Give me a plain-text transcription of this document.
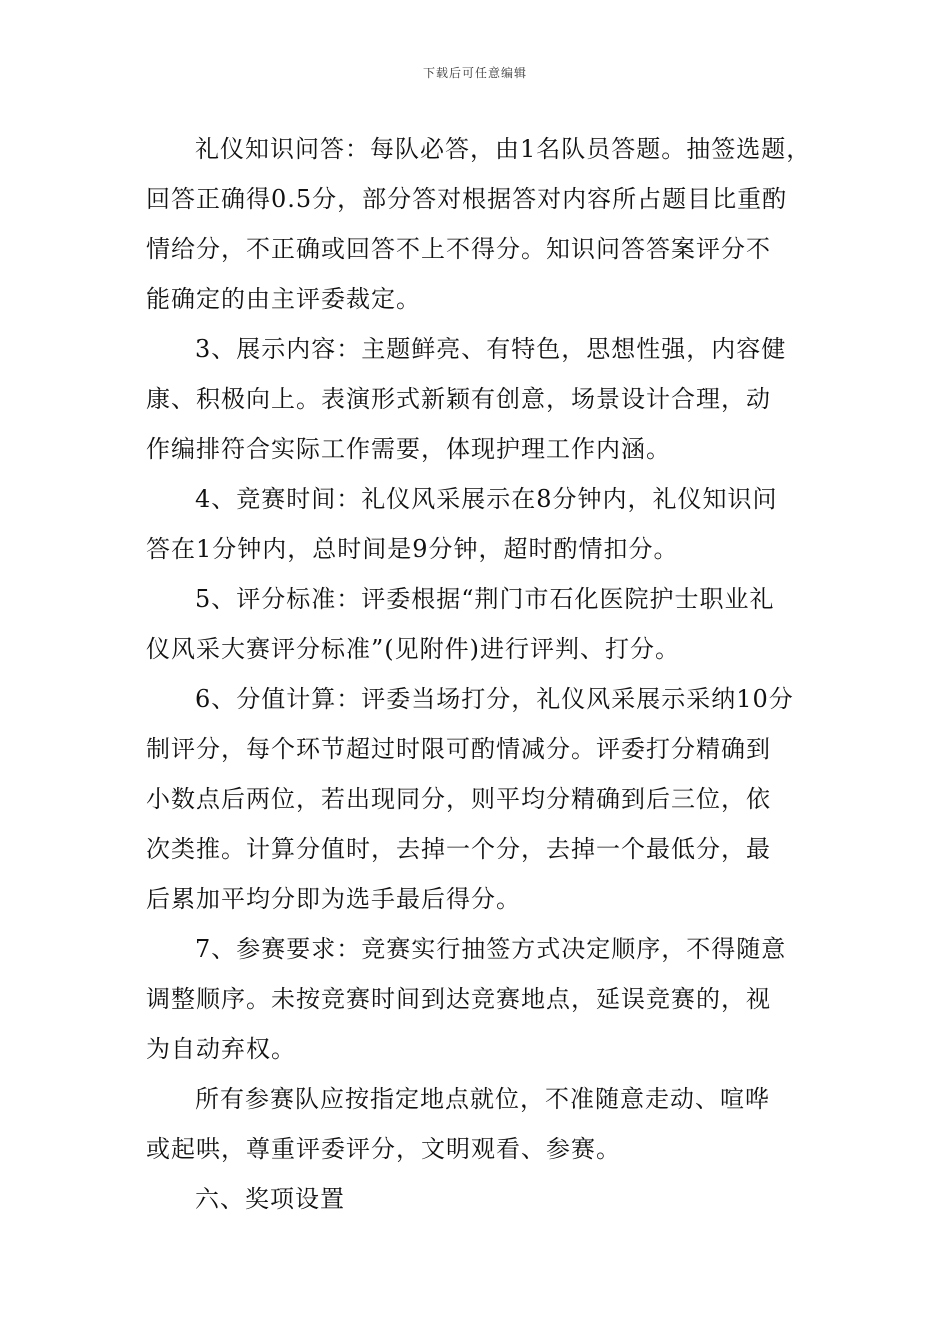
下载后可任意编辑
礼仪知识问答：每队必答，由1名队员答题。抽签选题，
回答正确得0.5分，部分答对根据答对内容所占题目比重酌
情给分，不正确或回答不上不得分。知识问答答案评分不
能确定的由主评委裁定。
3、展示内容：主题鲜亮、有特色，思想性强，内容健
康、积极向上。表演形式新颖有创意，场景设计合理，动
作编排符合实际工作需要，体现护理工作内涵。
4、竞赛时间：礼仪风采展示在8分钟内，礼仪知识问
答在1分钟内，总时间是9分钟，超时酌情扣分。
5、评分标准：评委根据“荆门市石化医院护士职业礼
仪风采大赛评分标准”(见附件)进行评判、打分。
6、分值计算：评委当场打分，礼仪风采展示采纳10分
制评分，每个环节超过时限可酌情减分。评委打分精确到
小数点后两位，若出现同分，则平均分精确到后三位，依
次类推。计算分值时，去掉一个分，去掉一个最低分，最
后累加平均分即为选手最后得分。
7、参赛要求：竞赛实行抽签方式决定顺序，不得随意
调整顺序。未按竞赛时间到达竞赛地点，延误竞赛的，视
为自动弃权。
所有参赛队应按指定地点就位，不准随意走动、喧哗
或起哄，尊重评委评分，文明观看、参赛。
六、奖项设置
